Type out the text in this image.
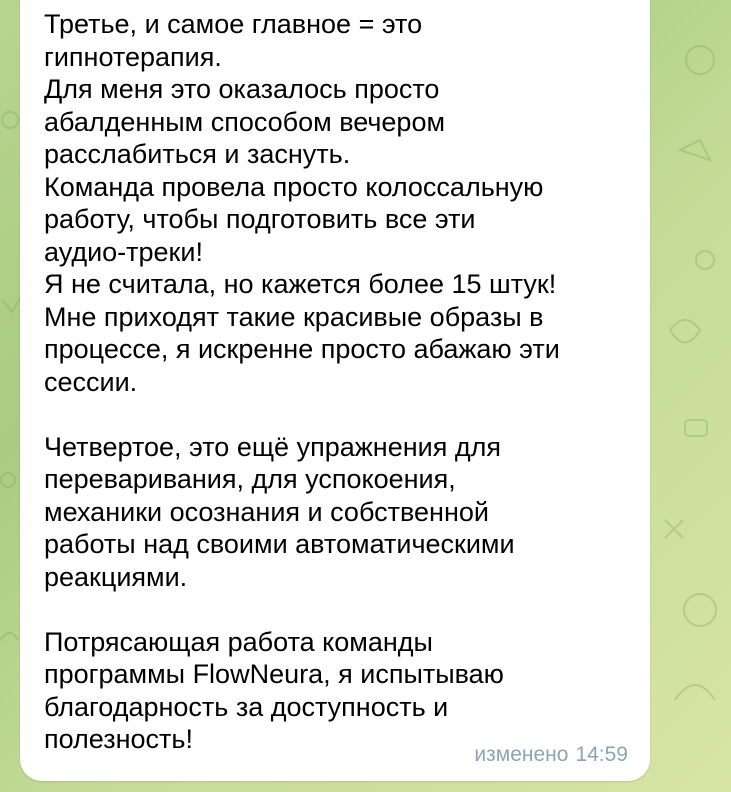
Третье, и самое главное = это
гипнотерапия.
Для меня это оказалось просто
абалденным способом вечером
расслабиться и заснуть.
Команда провела просто колоссальную
работу, чтобы подготовить все эти
аудио-треки!
Я не считала, но кажется более 15 штук!
Мне приходят такие красивые образы в
процессе, я искренне просто абажаю эти
сессии.
Четвертое, это ещё упражнения для
переваривания, для успокоения,
механики осознания и собственной
работы над своими автоматическими
реакциями.
Потрясающая работа команды
программы FlowNeura, я испытываю
благодарность за доступность и
полезность!
изменено 14:59
